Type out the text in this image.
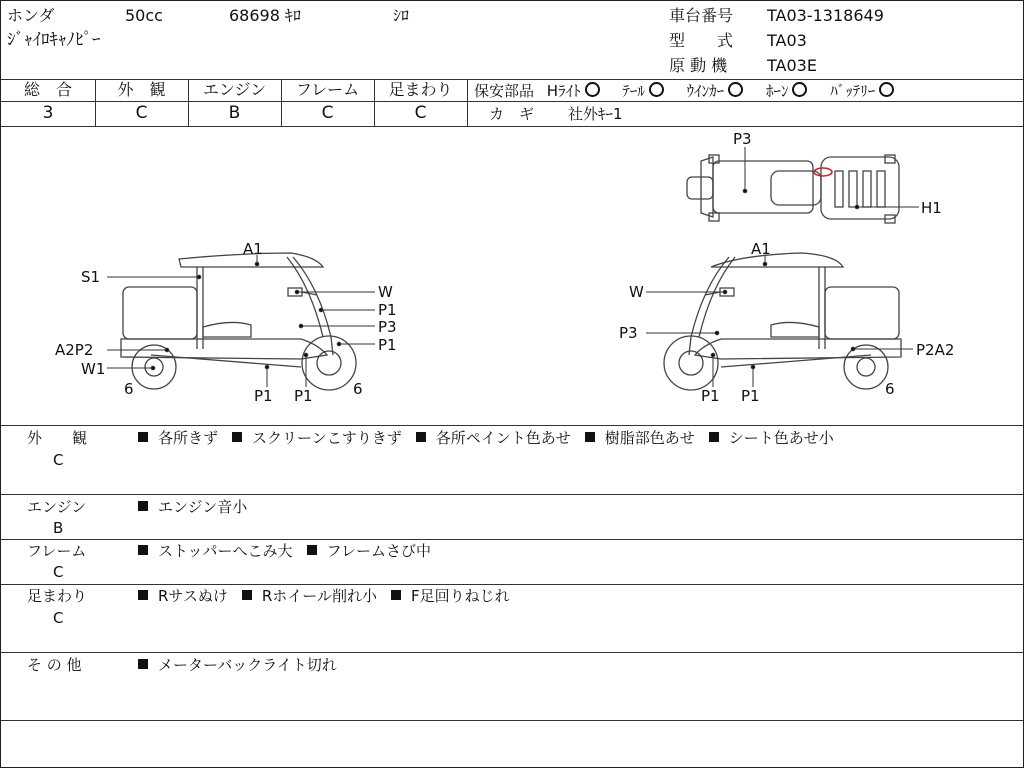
ホンダ	50cc	68698 ｷﾛ	ｼﾛ
ｼﾞｬｲﾛｷｬﾉﾋﾟｰ
車台番号 TA03-1318649
型　　式 TA03
原 動 機 TA03E
総　合	外　観	エンジン	フレーム	足まわり
3	C	B	C	C
保安部品 Hﾗｲﾄ	ﾃｰﾙ	ｳｲﾝｶｰ	ﾎｰﾝ	ﾊﾞｯﾃﾘｰ
カ　ギ 社外ｷｰ1
A1
S1
W
P1
P3
P1
A2P2
W1
6	P1 P1	6
A1
W
P3
P2A2
P1 P1	6
P3
H1
外　　観
C
各所きず スクリーンこすりきず 各所ペイント色あせ 樹脂部色あせ シート色あせ小
エンジン
B
エンジン音小
フレーム
C
ストッパーへこみ大 フレームさび中
足まわり
C
Rサスぬけ Rホイール削れ小 F足回りねじれ
そ の 他	メーターバックライト切れ
